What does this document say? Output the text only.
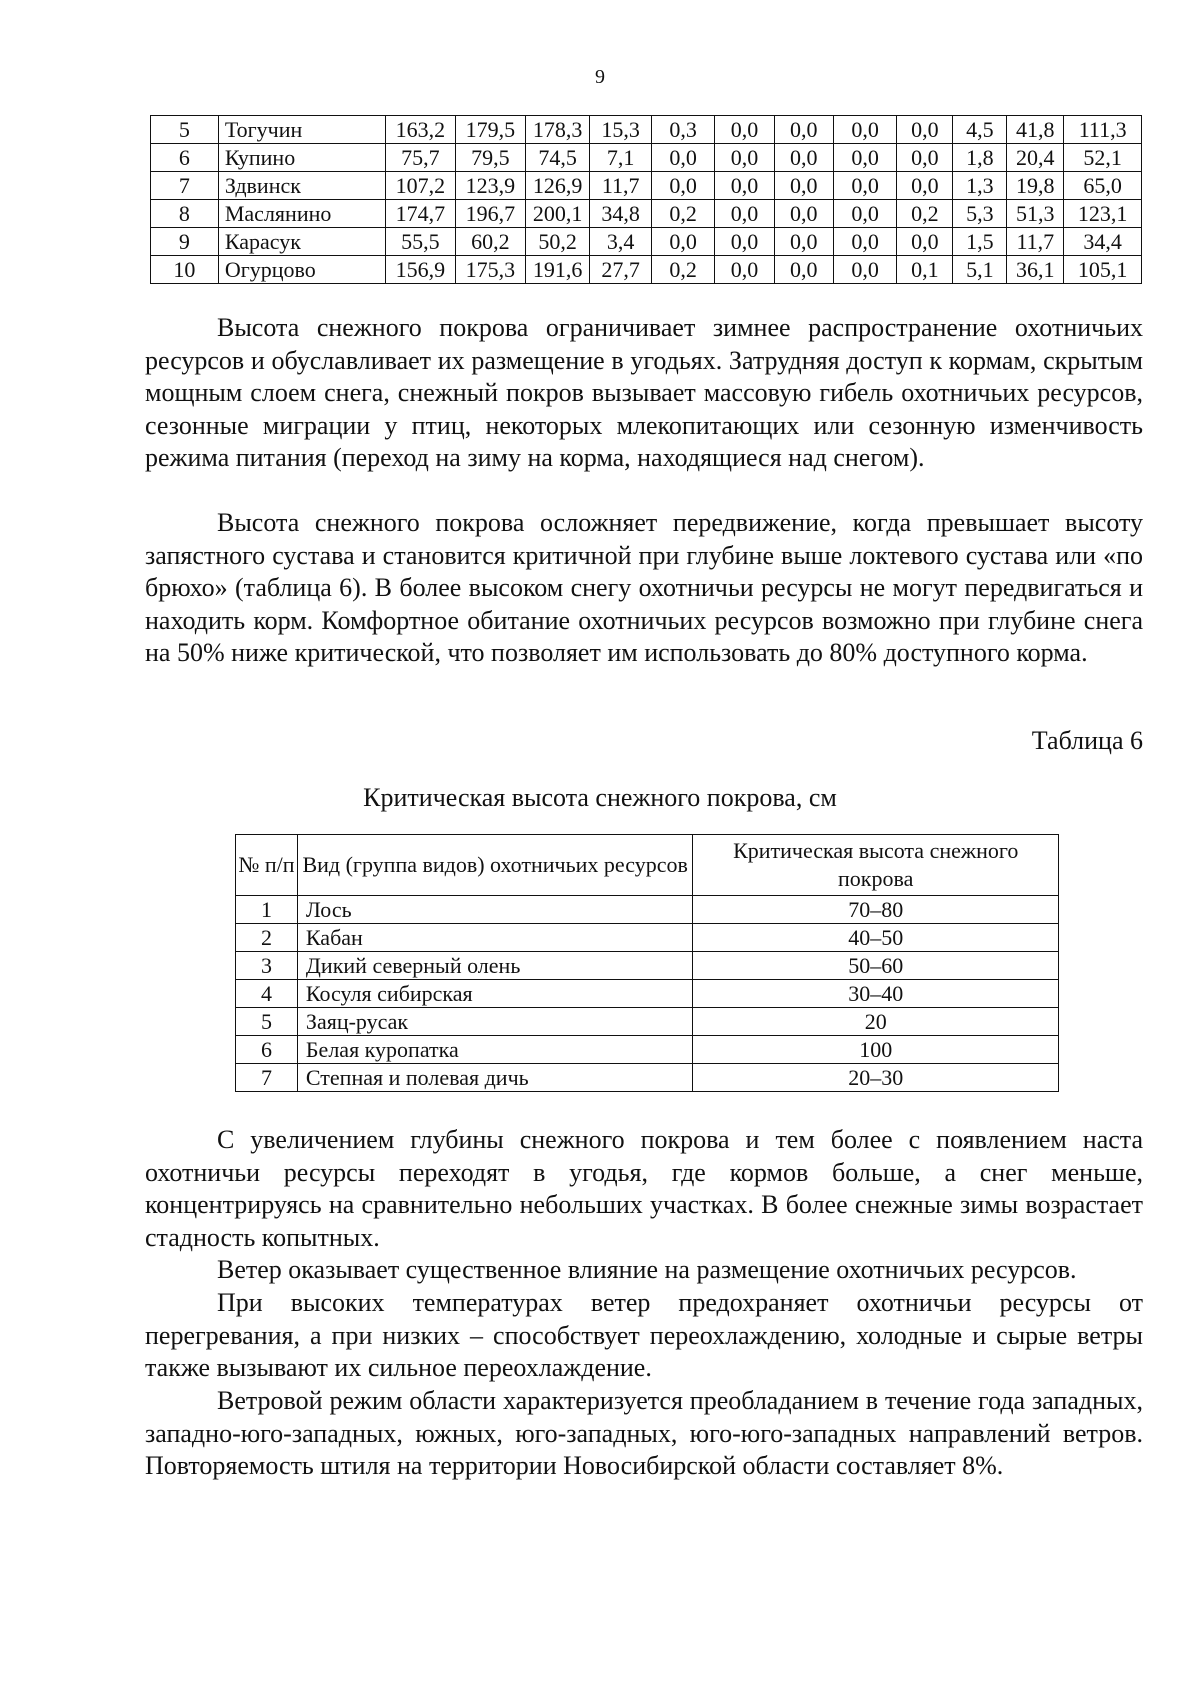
9
5	Тогучин	163,2	179,5	178,3	15,3	0,3	0,0	0,0	0,0	0,0	4,5	41,8	111,3
6	Купино	75,7	79,5	74,5	7,1	0,0	0,0	0,0	0,0	0,0	1,8	20,4	52,1
7	Здвинск	107,2	123,9	126,9	11,7	0,0	0,0	0,0	0,0	0,0	1,3	19,8	65,0
8	Маслянино	174,7	196,7	200,1	34,8	0,2	0,0	0,0	0,0	0,2	5,3	51,3	123,1
9	Карасук	55,5	60,2	50,2	3,4	0,0	0,0	0,0	0,0	0,0	1,5	11,7	34,4
10	Огурцово	156,9	175,3	191,6	27,7	0,2	0,0	0,0	0,0	0,1	5,1	36,1	105,1

Высота снежного покрова ограничивает зимнее распространение охотничьих ресурсов и обуславливает их размещение в угодьях. Затрудняя доступ к кормам, скрытым мощным слоем снега, снежный покров вызывает массовую гибель охотничьих ресурсов, сезонные миграции у птиц, некоторых млекопитающих или сезонную изменчивость режима питания (переход на зиму на корма, находящиеся над снегом).

Высота снежного покрова осложняет передвижение, когда превышает высоту запястного сустава и становится критичной при глубине выше локтевого сустава или «по брюхо» (таблица 6). В более высоком снегу охотничьи ресурсы не могут передвигаться и находить корм. Комфортное обитание охотничьих ресурсов возможно при глубине снега на 50% ниже критической, что позволяет им использовать до 80% доступного корма.

Таблица 6
Критическая высота снежного покрова, см
№ п/п	Вид (группа видов) охотничьих ресурсов	Критическая высота снежного покрова
1	Лось	70–80
2	Кабан	40–50
3	Дикий северный олень	50–60
4	Косуля сибирская	30–40
5	Заяц-русак	20
6	Белая куропатка	100
7	Степная и полевая дичь	20–30

С увеличением глубины снежного покрова и тем более с появлением наста охотничьи ресурсы переходят в угодья, где кормов больше, а снег меньше, концентрируясь на сравнительно небольших участках. В более снежные зимы возрастает стадность копытных.

Ветер оказывает существенное влияние на размещение охотничьих ресурсов.

При высоких температурах ветер предохраняет охотничьи ресурсы от перегревания, а при низких – способствует переохлаждению, холодные и сырые ветры также вызывают их сильное переохлаждение.

Ветровой режим области характеризуется преобладанием в течение года западных, западно-юго-западных, южных, юго-западных, юго-юго-западных направлений ветров. Повторяемость штиля на территории Новосибирской области составляет 8%.
